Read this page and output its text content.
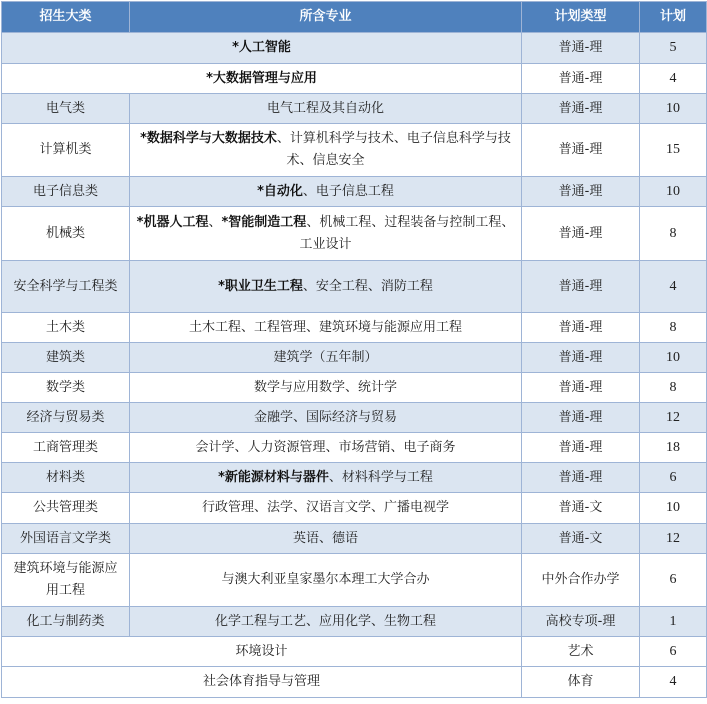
招生大类	所含专业	计划类型	计划
*人工智能		普通-理	5
*大数据管理与应用		普通-理	4
电气类	电气工程及其自动化	普通-理	10
计算机类	*数据科学与大数据技术、计算机科学与技术、电子信息科学与技术、信息安全	普通-理	15
电子信息类	*自动化、电子信息工程	普通-理	10
机械类	*机器人工程、*智能制造工程、机械工程、过程装备与控制工程、工业设计	普通-理	8
安全科学与工程类	*职业卫生工程、安全工程、消防工程	普通-理	4
土木类	土木工程、工程管理、建筑环境与能源应用工程	普通-理	8
建筑类	建筑学（五年制）	普通-理	10
数学类	数学与应用数学、统计学	普通-理	8
经济与贸易类	金融学、国际经济与贸易	普通-理	12
工商管理类	会计学、人力资源管理、市场营销、电子商务	普通-理	18
材料类	*新能源材料与器件、材料科学与工程	普通-理	6
公共管理类	行政管理、法学、汉语言文学、广播电视学	普通-文	10
外国语言文学类	英语、德语	普通-文	12
建筑环境与能源应用工程	与澳大利亚皇家墨尔本理工大学合办	中外合作办学	6
化工与制药类	化学工程与工艺、应用化学、生物工程	高校专项-理	1
环境设计		艺术	6
社会体育指导与管理		体育	4
